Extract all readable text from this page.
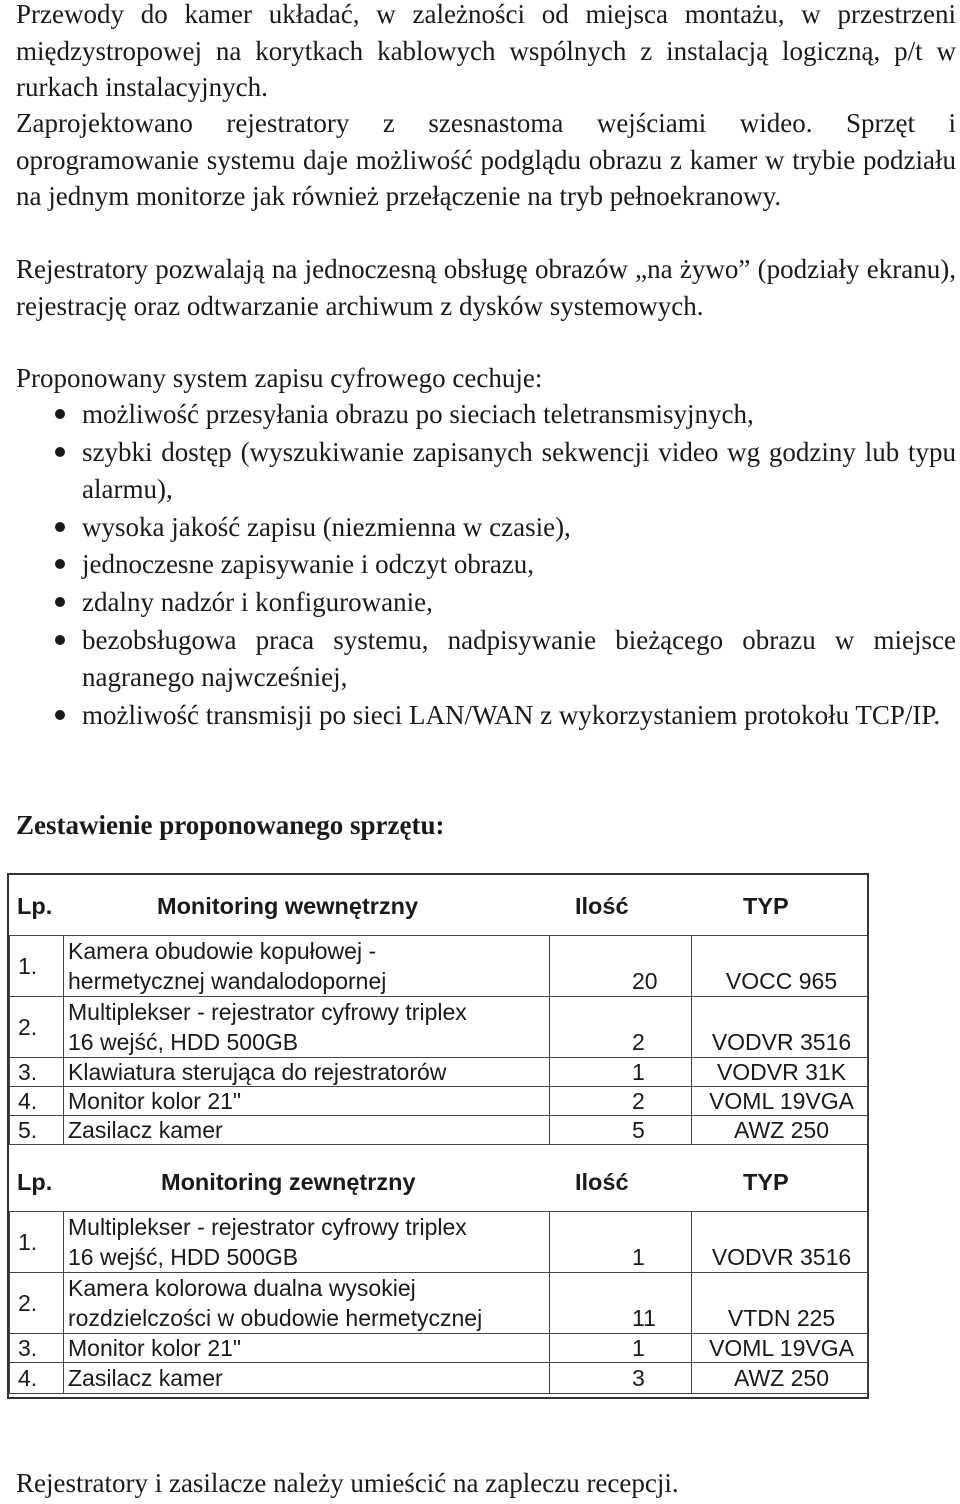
Przewody do kamer układać, w zależności od miejsca montażu, w przestrzeni międzystropowej na korytkach kablowych wspólnych z instalacją logiczną, p/t w rurkach instalacyjnych.

Zaprojektowano rejestratory z szesnastoma wejściami wideo. Sprzęt i oprogramowanie systemu daje możliwość podglądu obrazu z kamer w trybie podziału na jednym monitorze jak również przełączenie na tryb pełnoekranowy.

Rejestratory pozwalają na jednoczesną obsługę obrazów „na żywo” (podziały ekranu), rejestrację oraz odtwarzanie archiwum z dysków systemowych.

Proponowany system zapisu cyfrowego cechuje:

możliwość przesyłania obrazu po sieciach teletransmisyjnych,
szybki dostęp (wyszukiwanie zapisanych sekwencji video wg godziny lub typu alarmu),
wysoka jakość zapisu (niezmienna w czasie),
jednoczesne zapisywanie i odczyt obrazu,
zdalny nadzór i konfigurowanie,
bezobsługowa praca systemu, nadpisywanie bieżącego obrazu w miejsce nagranego najwcześniej,
możliwość transmisji po sieci LAN/WAN z wykorzystaniem protokołu TCP/IP.
Zestawienie proponowanego sprzętu:
Lp.	Monitoring wewnętrzny	Ilość	TYP
1.	Kamera obudowie kopułowej -
hermetycznej wandalodopornej	20	VOCC 965
2.	Multiplekser - rejestrator cyfrowy triplex
16 wejść, HDD 500GB	2	VODVR 3516
3.	Klawiatura sterująca do rejestratorów	1	VODVR 31K
4.	Monitor kolor 21"	2	VOML 19VGA
5.	Zasilacz kamer	5	AWZ 250
Lp.	Monitoring zewnętrzny	Ilość	TYP
1.	Multiplekser - rejestrator cyfrowy triplex
16 wejść, HDD 500GB	1	VODVR 3516
2.	Kamera kolorowa dualna wysokiej
rozdzielczości w obudowie hermetycznej	11	VTDN 225
3.	Monitor kolor 21"	1	VOML 19VGA
4.	Zasilacz kamer	3	AWZ 250

Rejestratory i zasilacze należy umieścić na zapleczu recepcji.
